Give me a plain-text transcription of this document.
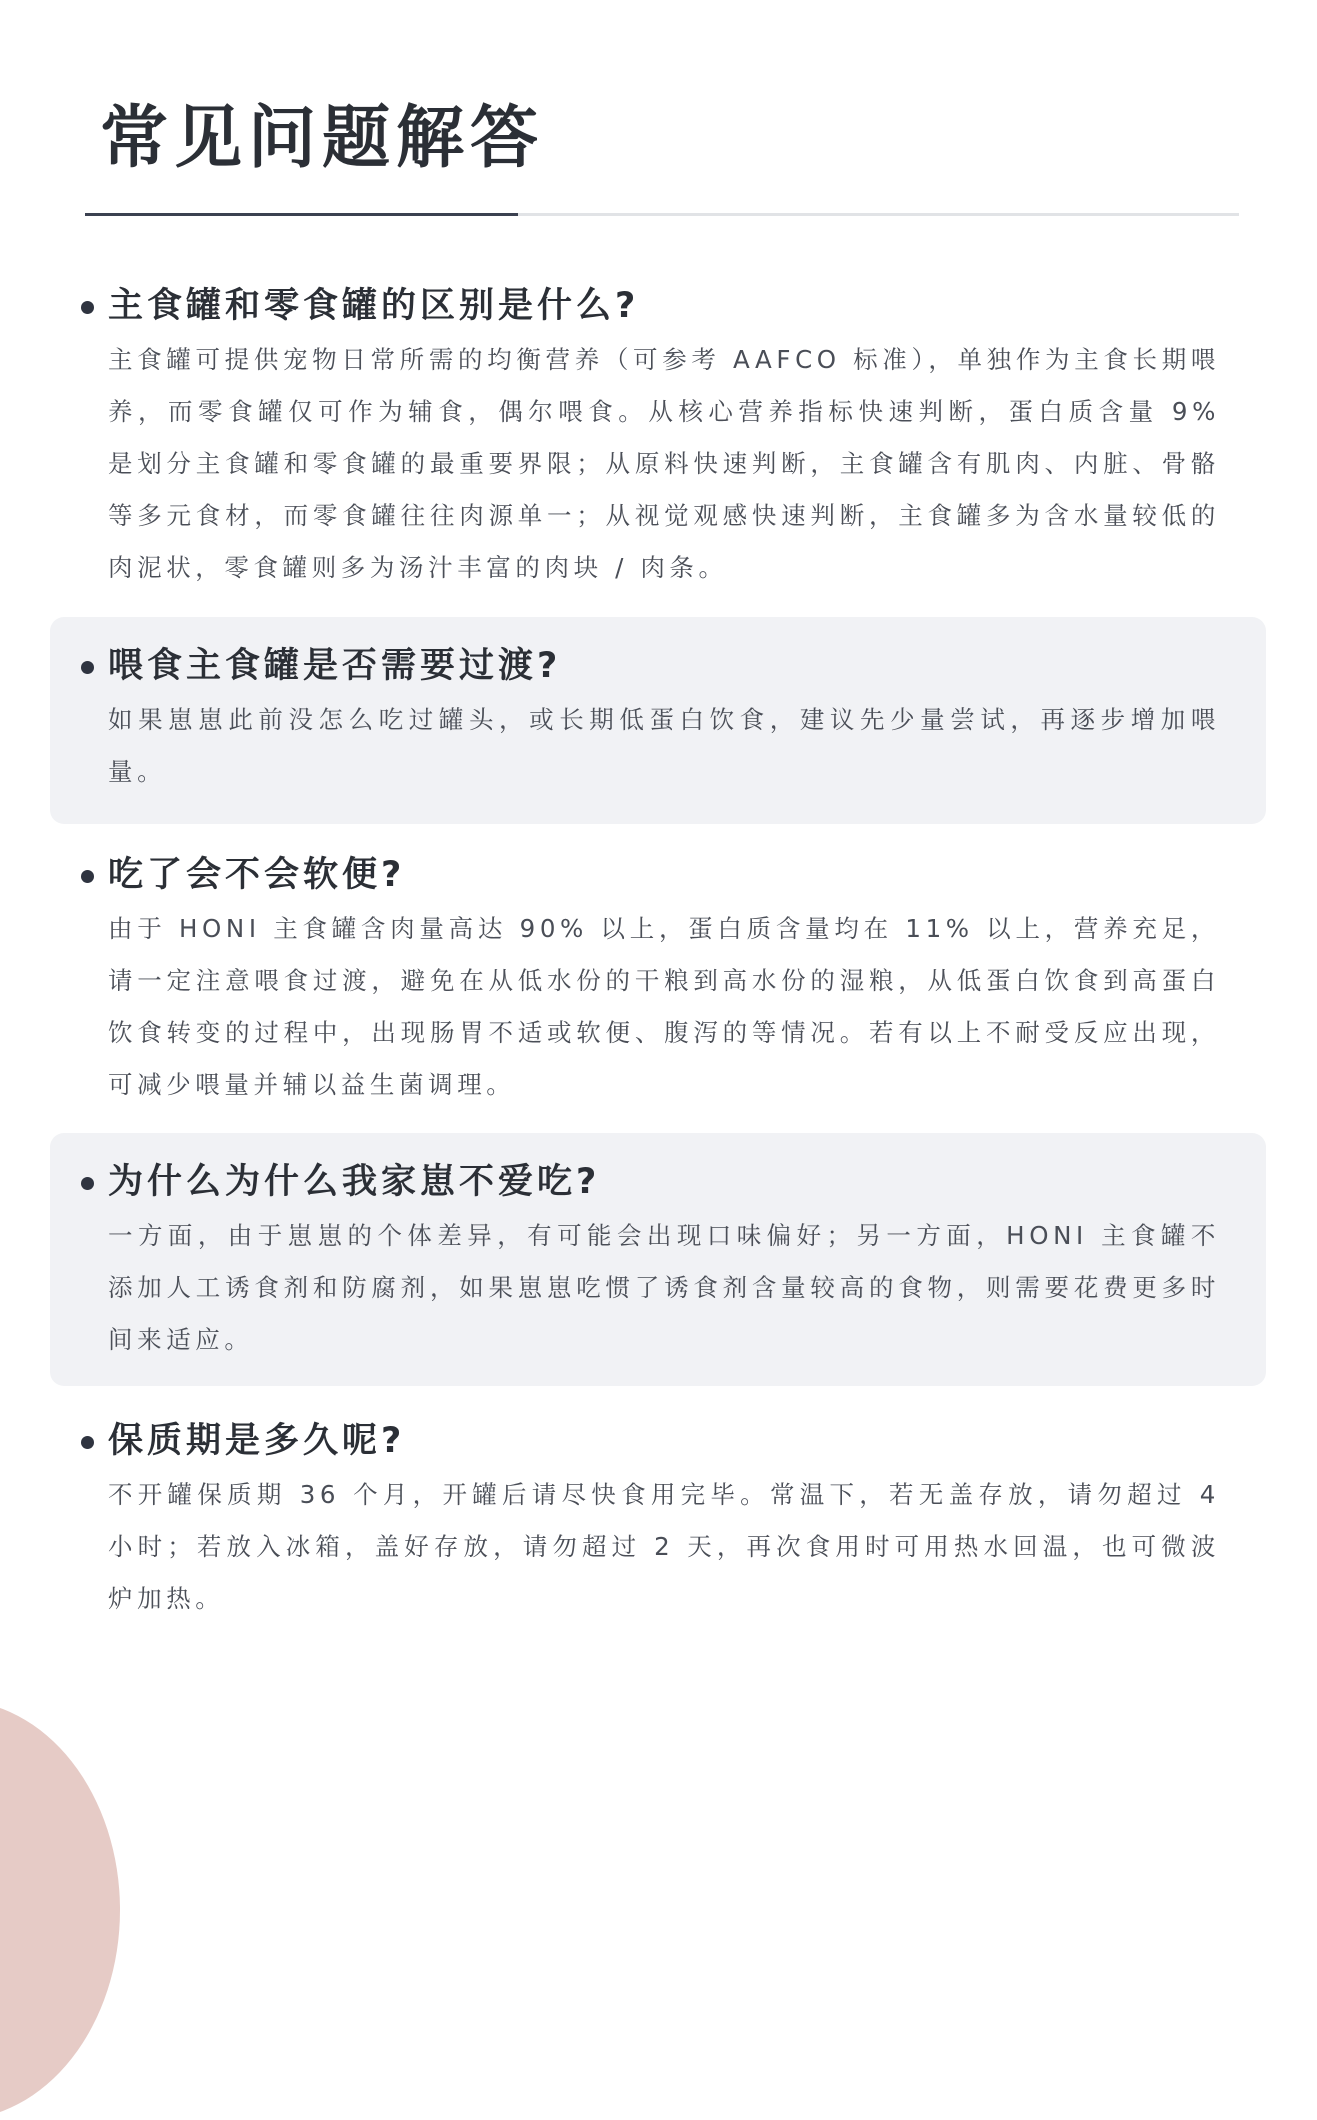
常见问题解答
主食罐和零食罐的区别是什么?

主食罐可提供宠物日常所需的均衡营养（可参考 AAFCO 标准），单独作为主食长期喂养，而零食罐仅可作为辅食，偶尔喂食。从核心营养指标快速判断，蛋白质含量 9% 是划分主食罐和零食罐的最重要界限；从原料快速判断，主食罐含有肌肉、内脏、骨骼等多元食材，而零食罐往往肉源单一；从视觉观感快速判断，主食罐多为含水量较低的肉泥状，零食罐则多为汤汁丰富的肉块 / 肉条。

喂食主食罐是否需要过渡?

如果崽崽此前没怎么吃过罐头，或长期低蛋白饮食，建议先少量尝试，再逐步增加喂量。

吃了会不会软便?

由于 HONI 主食罐含肉量高达 90% 以上，蛋白质含量均在 11% 以上，营养充足，请一定注意喂食过渡，避免在从低水份的干粮到高水份的湿粮，从低蛋白饮食到高蛋白饮食转变的过程中，出现肠胃不适或软便、腹泻的等情况。若有以上不耐受反应出现，可减少喂量并辅以益生菌调理。

为什么为什么我家崽不爱吃?

一方面，由于崽崽的个体差异，有可能会出现口味偏好；另一方面，HONI 主食罐不添加人工诱食剂和防腐剂，如果崽崽吃惯了诱食剂含量较高的食物，则需要花费更多时间来适应。

保质期是多久呢?

不开罐保质期 36 个月，开罐后请尽快食用完毕。常温下，若无盖存放，请勿超过 4 小时；若放入冰箱，盖好存放，请勿超过 2 天，再次食用时可用热水回温，也可微波炉加热。
